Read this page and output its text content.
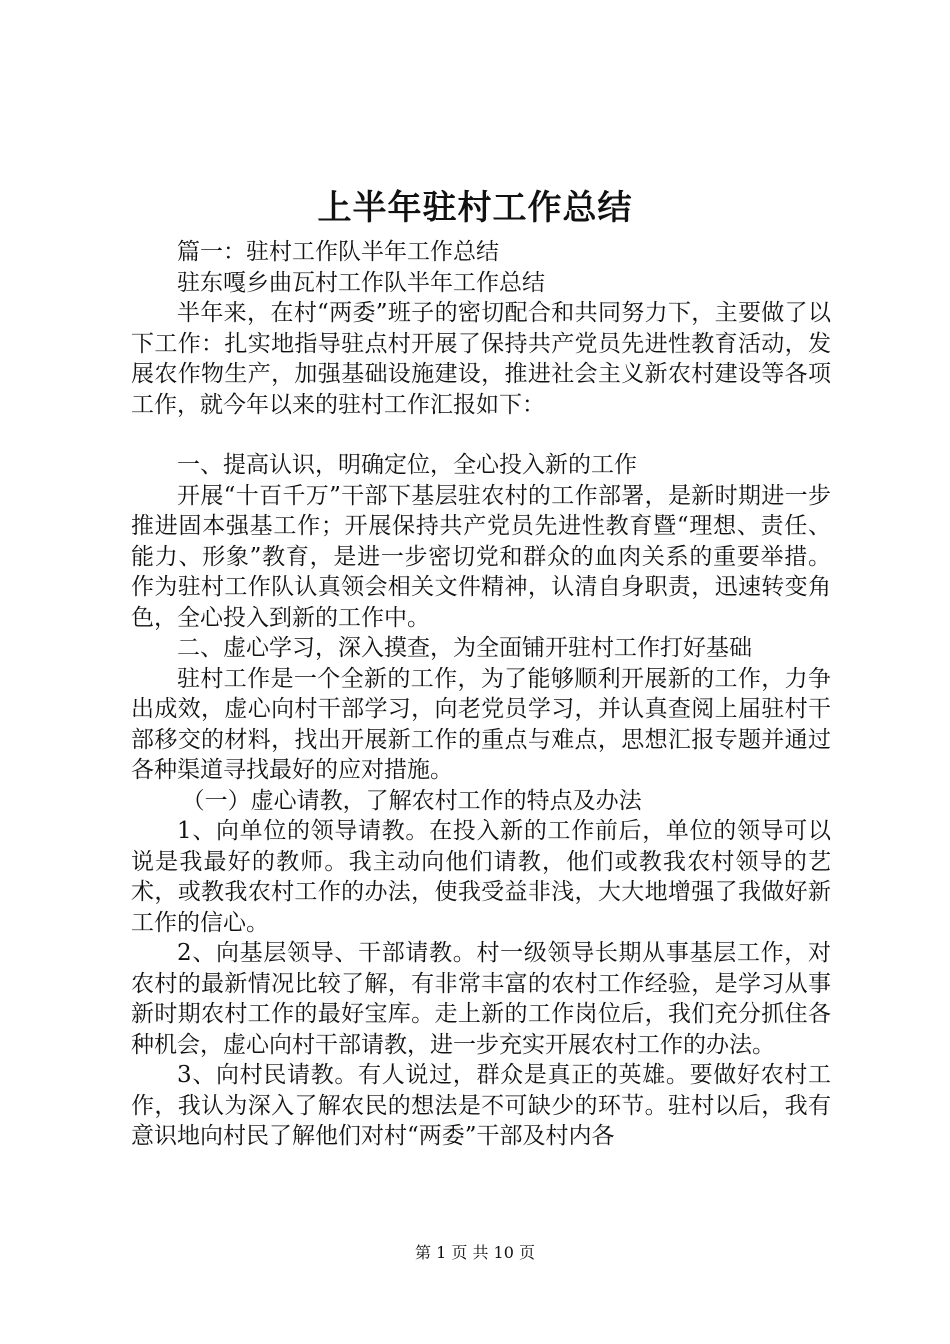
上半年驻村工作总结

篇一：驻村工作队半年工作总结

驻东嘎乡曲瓦村工作队半年工作总结

半年来，在村“两委”班子的密切配合和共同努力下，主要做了以下工作：扎实地指导驻点村开展了保持共产党员先进性教育活动，发展农作物生产，加强基础设施建设，推进社会主义新农村建设等各项工作，就今年以来的驻村工作汇报如下：

一、提高认识，明确定位，全心投入新的工作

开展“十百千万”干部下基层驻农村的工作部署，是新时期进一步推进固本强基工作；开展保持共产党员先进性教育暨“理想、责任、能力、形象”教育，是进一步密切党和群众的血肉关系的重要举措。作为驻村工作队认真领会相关文件精神，认清自身职责，迅速转变角色，全心投入到新的工作中。

二、虚心学习，深入摸查，为全面铺开驻村工作打好基础

驻村工作是一个全新的工作，为了能够顺利开展新的工作，力争出成效，虚心向村干部学习，向老党员学习，并认真查阅上届驻村干部移交的材料，找出开展新工作的重点与难点，思想汇报专题并通过各种渠道寻找最好的应对措施。

（一）虚心请教，了解农村工作的特点及办法

1、向单位的领导请教。在投入新的工作前后，单位的领导可以说是我最好的教师。我主动向他们请教，他们或教我农村领导的艺术，或教我农村工作的办法，使我受益非浅，大大地增强了我做好新工作的信心。

2、向基层领导、干部请教。村一级领导长期从事基层工作，对农村的最新情况比较了解，有非常丰富的农村工作经验，是学习从事新时期农村工作的最好宝库。走上新的工作岗位后，我们充分抓住各种机会，虚心向村干部请教，进一步充实开展农村工作的办法。

3、向村民请教。有人说过，群众是真正的英雄。要做好农村工作，我认为深入了解农民的想法是不可缺少的环节。驻村以后，我有意识地向村民了解他们对村“两委”干部及村内各

第 1 页 共 10 页
